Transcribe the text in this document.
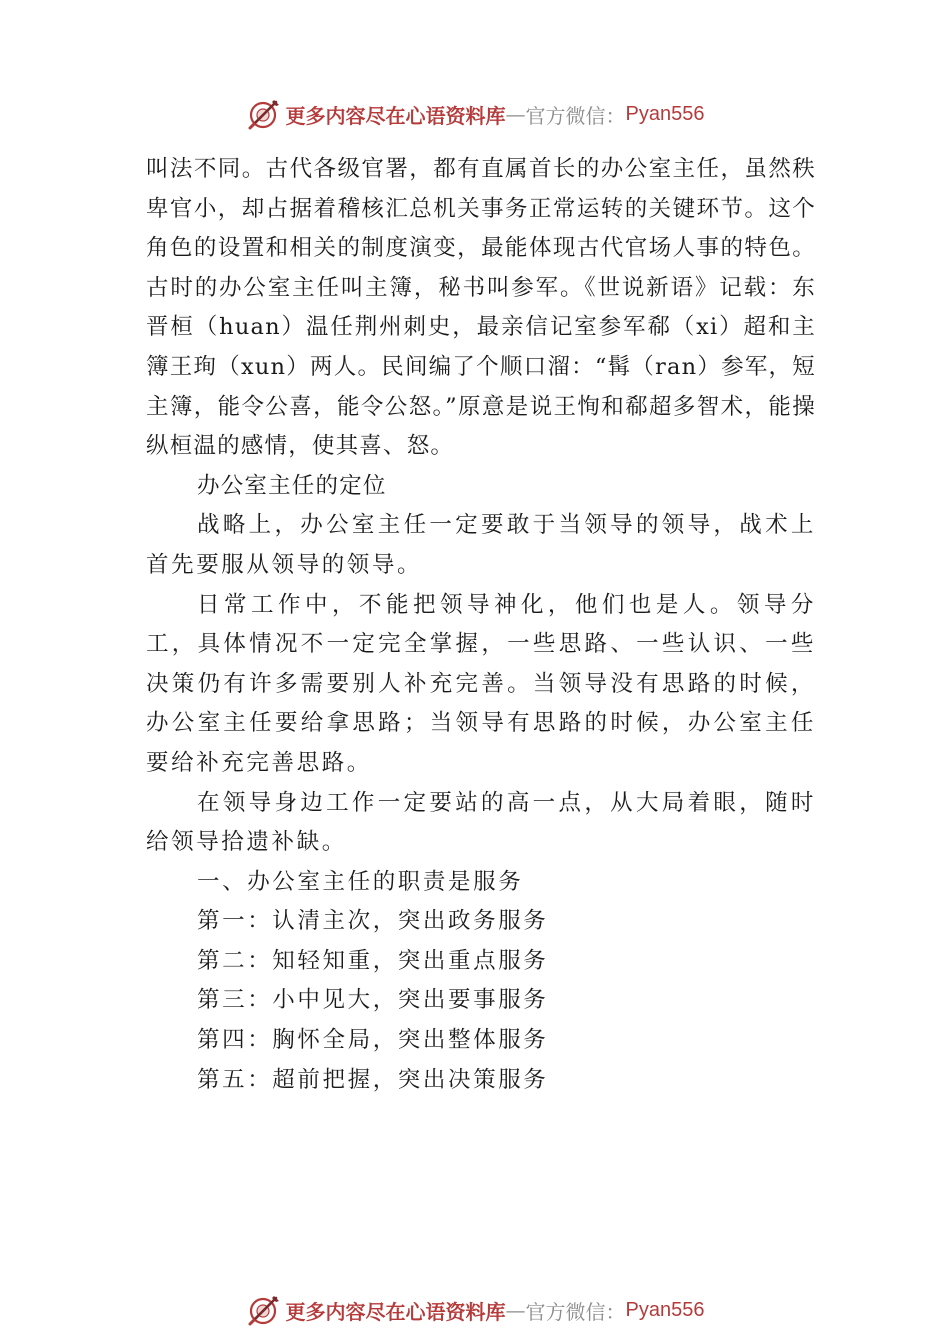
更多内容尽在心语资料库 — 官方微信： Pyan556

叫法不同。古代各级官署，都有直属首长的办公室主任，虽然秩卑官小，却占据着稽核汇总机关事务正常运转的关键环节。这个角色的设置和相关的制度演变，最能体现古代官场人事的特色。古时的办公室主任叫主簿，秘书叫参军。《世说新语》记载：东晋桓（huan）温任荆州刺史，最亲信记室参军郗（xi）超和主簿王珣（xun）两人。民间编了个顺口溜：“髯（ran）参军，短主簿，能令公喜，能令公怒。”原意是说王恂和郗超多智术，能操纵桓温的感情，使其喜、怒。

办公室主任的定位

战略上，办公室主任一定要敢于当领导的领导，战术上首先要服从领导的领导。

日常工作中，不能把领导神化，他们也是人。领导分工，具体情况不一定完全掌握，一些思路、一些认识、一些决策仍有许多需要别人补充完善。当领导没有思路的时候，办公室主任要给拿思路；当领导有思路的时候，办公室主任要给补充完善思路。

在领导身边工作一定要站的高一点，从大局着眼，随时给领导拾遗补缺。

一、办公室主任的职责是服务

第一：认清主次，突出政务服务

第二：知轻知重，突出重点服务

第三：小中见大，突出要事服务

第四：胸怀全局，突出整体服务

第五：超前把握，突出决策服务

更多内容尽在心语资料库 — 官方微信： Pyan556
